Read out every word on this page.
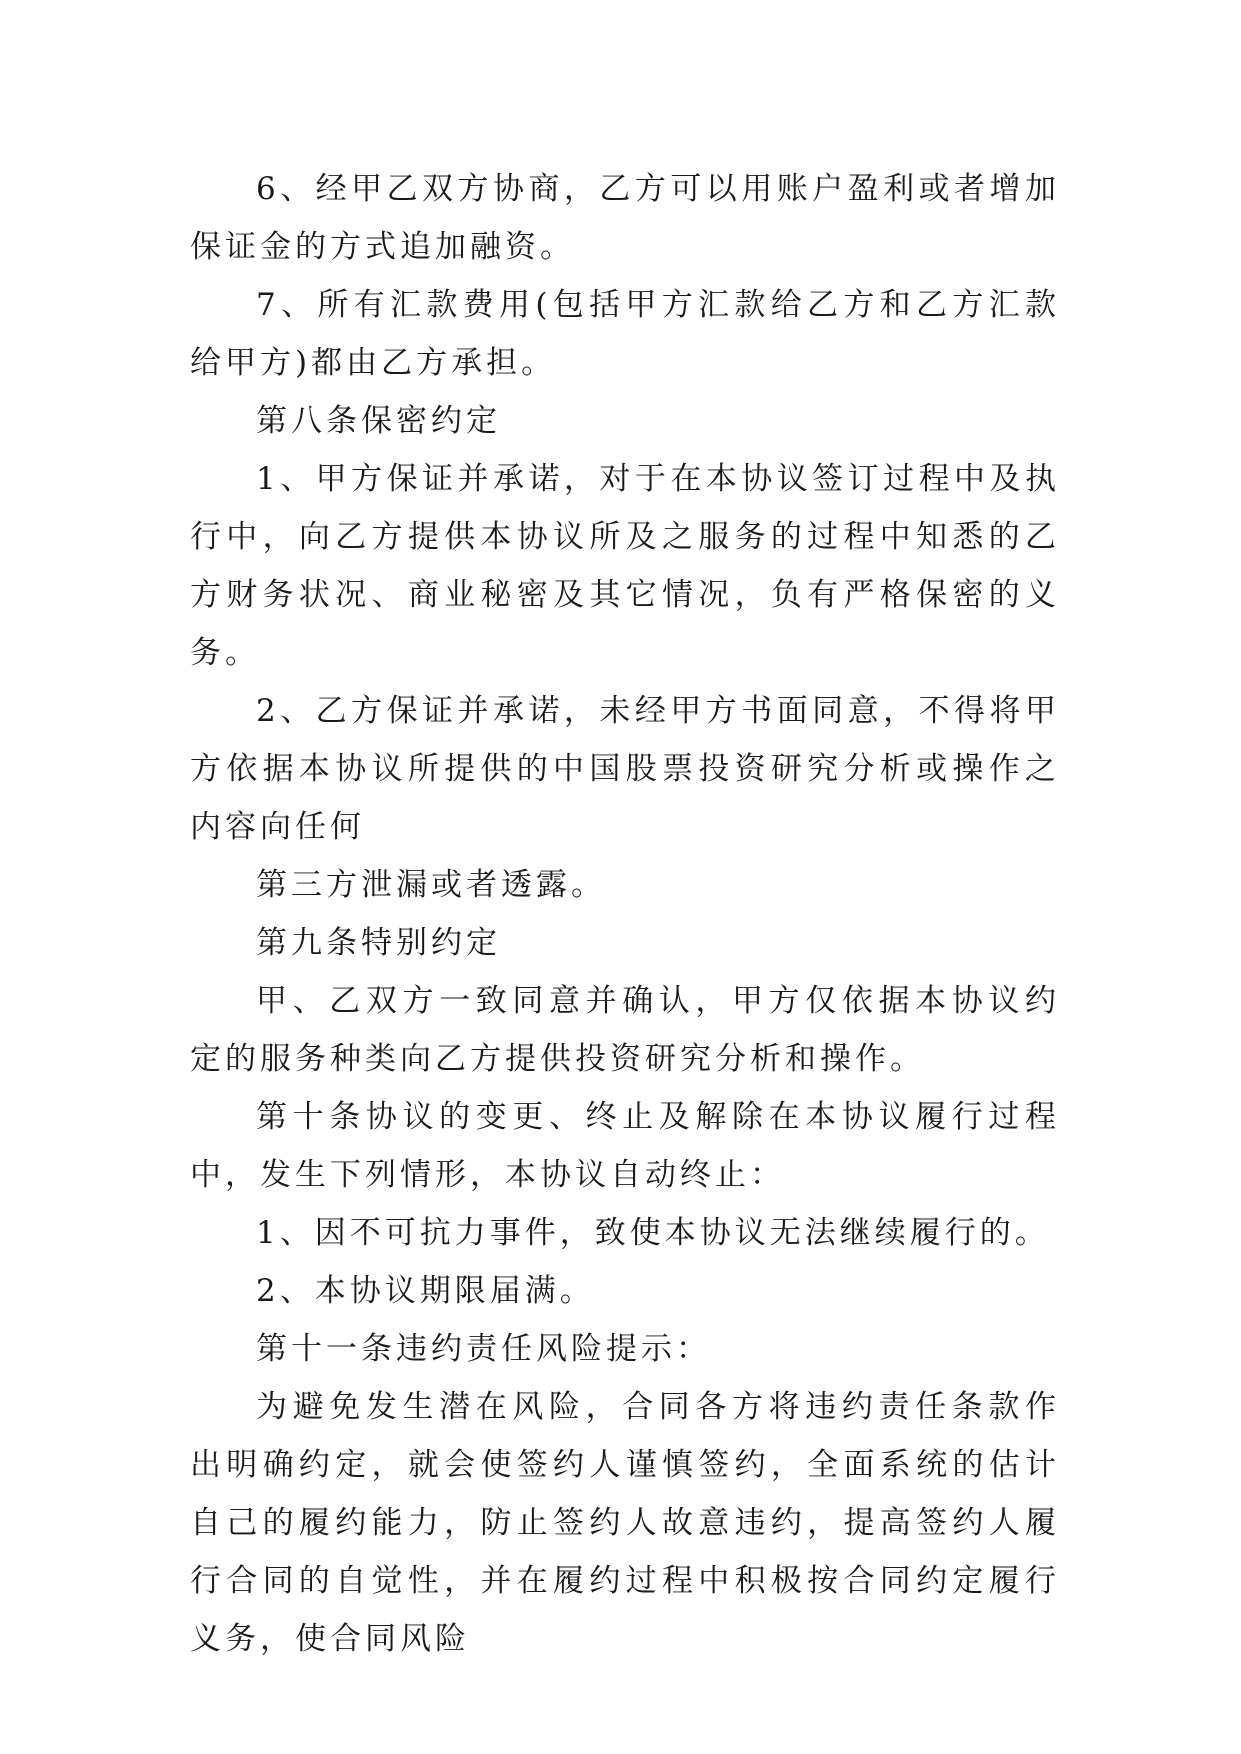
6、经甲乙双方协商，乙方可以用账户盈利或者增加保证金的方式追加融资。

7、所有汇款费用(包括甲方汇款给乙方和乙方汇款给甲方)都由乙方承担。

第八条保密约定

1、甲方保证并承诺，对于在本协议签订过程中及执行中，向乙方提供本协议所及之服务的过程中知悉的乙方财务状况、商业秘密及其它情况，负有严格保密的义务。

2、乙方保证并承诺，未经甲方书面同意，不得将甲方依据本协议所提供的中国股票投资研究分析或操作之内容向任何

第三方泄漏或者透露。

第九条特别约定

甲、乙双方一致同意并确认，甲方仅依据本协议约定的服务种类向乙方提供投资研究分析和操作。

第十条协议的变更、终止及解除在本协议履行过程中，发生下列情形，本协议自动终止：

1、因不可抗力事件，致使本协议无法继续履行的。

2、本协议期限届满。

第十一条违约责任风险提示：

为避免发生潜在风险，合同各方将违约责任条款作出明确约定，就会使签约人谨慎签约，全面系统的估计自己的履约能力，防止签约人故意违约，提高签约人履行合同的自觉性，并在履约过程中积极按合同约定履行义务，使合同风险
